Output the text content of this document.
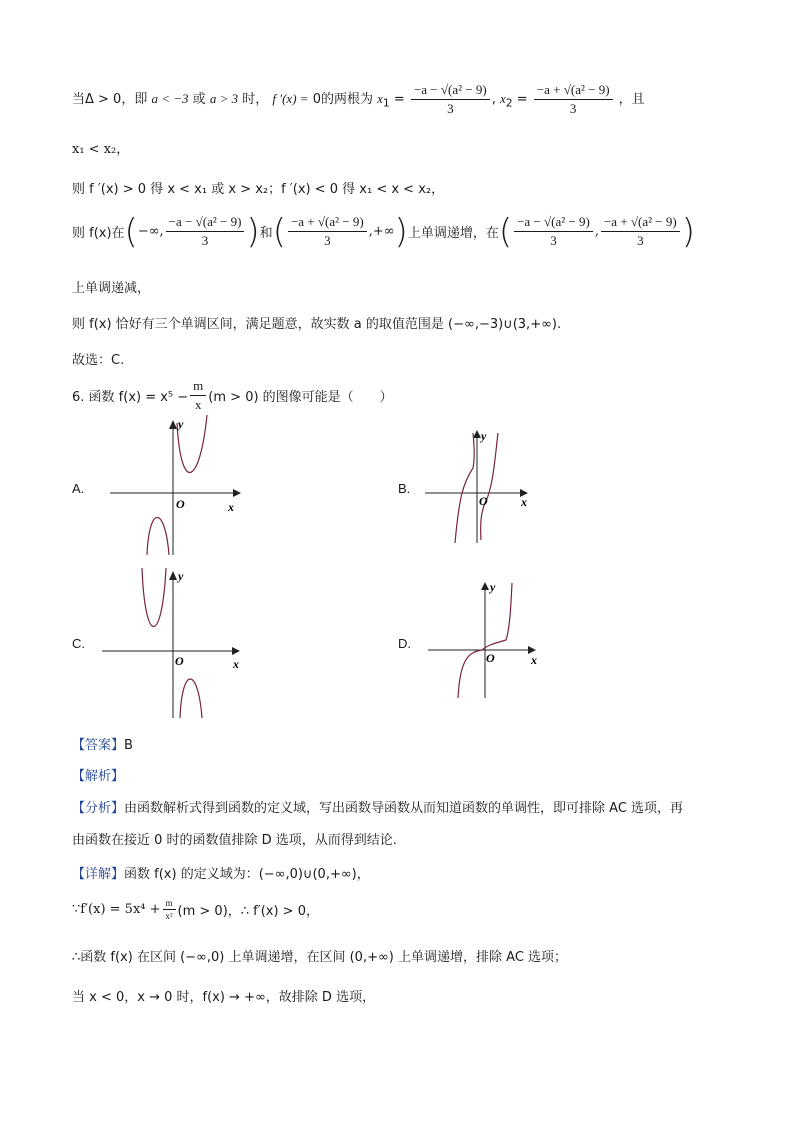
当Δ > 0，即 a < −3 或 a > 3 时， f ′(x) = 0的两根为 $x_1 = \frac{\text{−a − √(a² − 9)}}{3}$ , $x_2 = \frac{\text{−a + √(a² − 9)}}{3}$ ，且
x₁ < x₂，
则 f ′(x) > 0 得 x < x₁ 或 x > x₂；f ′(x) < 0 得 x₁ < x < x₂，
则 f(x)在 ( −∞, $\frac{\text{−a − √(a² − 9)}}{3}$ ) 和 ( $\frac{\text{−a + √(a² − 9)}}{3}$ ,+∞ ) 上单调递增，在 ( $\frac{\text{−a − √(a² − 9)}}{3}$ , $\frac{\text{−a + √(a² − 9)}}{3}$ )
上单调递减，
则 f(x) 恰好有三个单调区间，满足题意，故实数 a 的取值范围是 (−∞,−3)∪(3,+∞).
故选：C.
6. 函数 $f(x) = x^5 - \frac{m}{x} (m > 0)$ 的图像可能是（　　）
A.	B.
C.	D.
O	x
y
O	x
y
O	x
y
O	x
y
【答案】B
【解析】
【分析】由函数解析式得到函数的定义域，写出函数导函数从而知道函数的单调性，即可排除 AC 选项，再
由函数在接近 0 时的函数值排除 D 选项，从而得到结论.
【详解】函数 f(x) 的定义域为：(−∞,0)∪(0,+∞)，
∵f′(x) = $5x^4 + \frac{m}{\text{x²}} (m > 0)$，∴ f′(x) > 0，
∴函数 f(x) 在区间 (−∞,0) 上单调递增，在区间 (0,+∞) 上单调递增，排除 AC 选项；
当 x < 0，x → 0 时，f(x) → +∞，故排除 D 选项，
